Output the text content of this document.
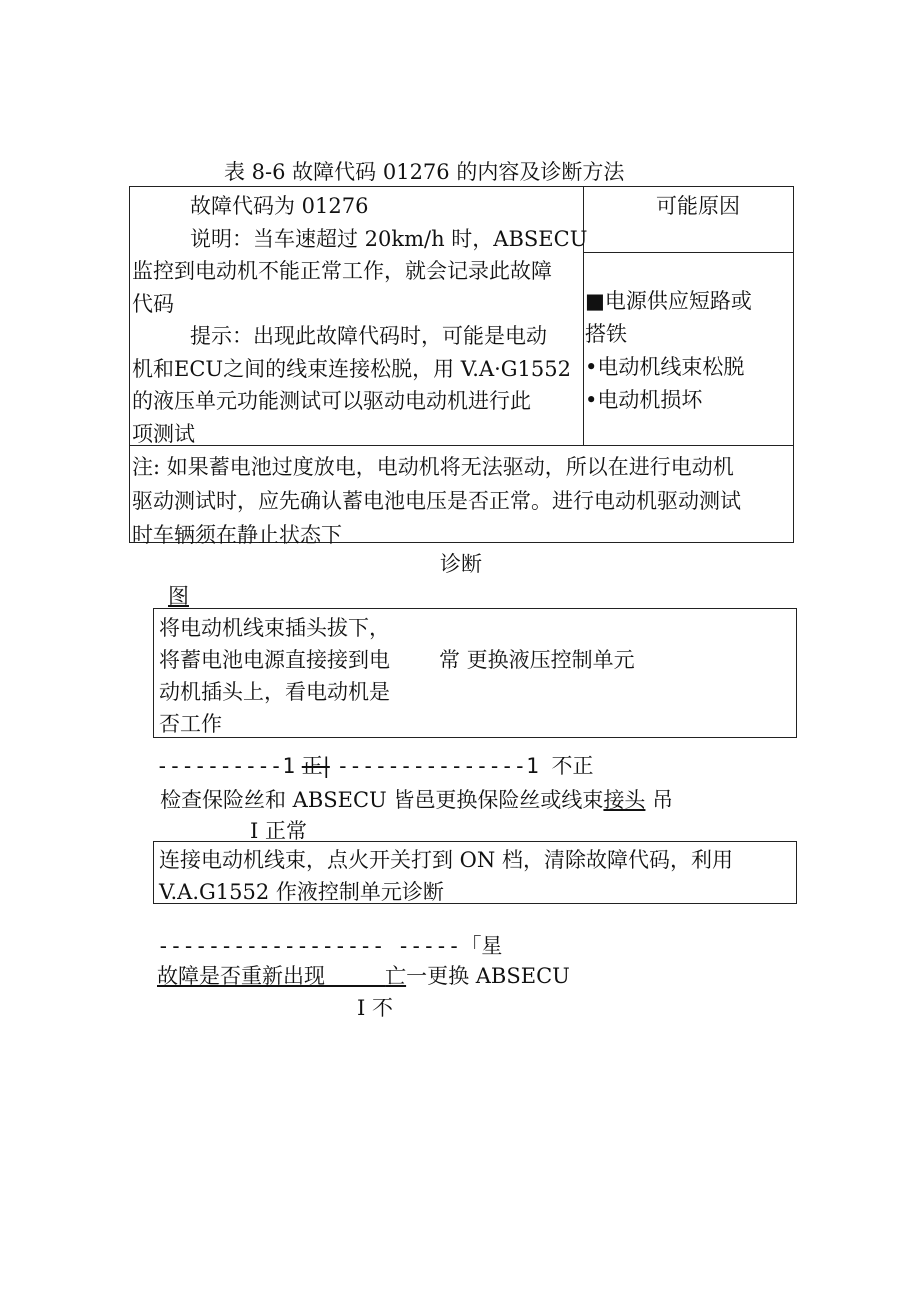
表 8-6 故障代码 01276 的内容及诊断方法
故障代码为 01276
说明：当车速超过 20km/h 时，ABSECU
监控到电动机不能正常工作，就会记录此故障
代码
提示：出现此故障代码时，可能是电动
机和ECU之间的线束连接松脱，用 V.A·G1552
的液压单元功能测试可以驱动电动机进行此
项测试
可能原因
■电源供应短路或
搭铁
•电动机线束松脱
•电动机损坏
注: 如果蓄电池过度放电，电动机将无法驱动，所以在进行电动机
驱动测试时，应先确认蓄电池电压是否正常。进行电动机驱动测试
时车辆须在静止状态下
诊断
图
将电动机线束插头拔下，
将蓄电池电源直接接到电
动机插头上，看电动机是
否工作
常 更换液压控制单元
----------1 正| ---------------1 不正
检查保险丝和 ABSECU 皆邑更换保险丝或线束接头 吊
I 正常
连接电动机线束，点火开关打到 ON 档，清除故障代码，利用
V.A.G1552 作液控制单元诊断
------------------ -----「星
故障是否重新出现	亡一更换 ABSECU
I 不
